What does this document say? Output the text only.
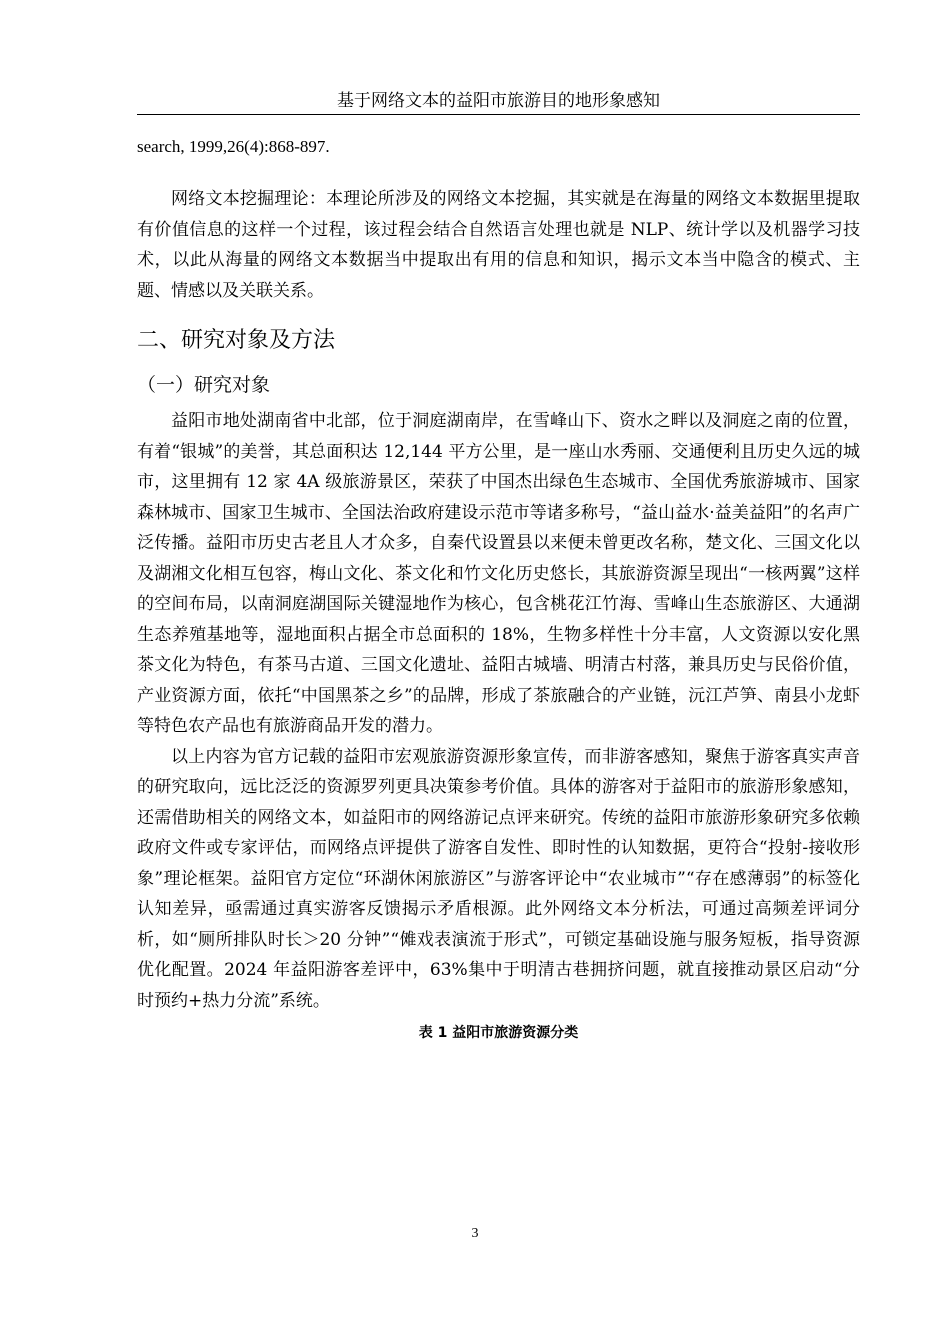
基于网络文本的益阳市旅游目的地形象感知

search, 1999,26(4):868-897.

网络文本挖掘理论：本理论所涉及的网络文本挖掘，其实就是在海量的网络文本数据里提取有价值信息的这样一个过程，该过程会结合自然语言处理也就是 NLP、统计学以及机器学习技术，以此从海量的网络文本数据当中提取出有用的信息和知识，揭示文本当中隐含的模式、主题、情感以及关联关系。

二、研究对象及方法
（一）研究对象

益阳市地处湖南省中北部，位于洞庭湖南岸，在雪峰山下、资水之畔以及洞庭之南的位置，有着“银城”的美誉，其总面积达 12,144 平方公里，是一座山水秀丽、交通便利且历史久远的城市，这里拥有 12 家 4A 级旅游景区，荣获了中国杰出绿色生态城市、全国优秀旅游城市、国家森林城市、国家卫生城市、全国法治政府建设示范市等诸多称号，“益山益水·益美益阳”的名声广泛传播。益阳市历史古老且人才众多，自秦代设置县以来便未曾更改名称，楚文化、三国文化以及湖湘文化相互包容，梅山文化、茶文化和竹文化历史悠长，其旅游资源呈现出“一核两翼”这样的空间布局，以南洞庭湖国际关键湿地作为核心，包含桃花江竹海、雪峰山生态旅游区、大通湖生态养殖基地等，湿地面积占据全市总面积的 18%，生物多样性十分丰富，人文资源以安化黑茶文化为特色，有茶马古道、三国文化遗址、益阳古城墙、明清古村落，兼具历史与民俗价值，产业资源方面，依托“中国黑茶之乡”的品牌，形成了茶旅融合的产业链，沅江芦笋、南县小龙虾等特色农产品也有旅游商品开发的潜力。

以上内容为官方记载的益阳市宏观旅游资源形象宣传，而非游客感知，聚焦于游客真实声音的研究取向，远比泛泛的资源罗列更具决策参考价值。具体的游客对于益阳市的旅游形象感知，还需借助相关的网络文本，如益阳市的网络游记点评来研究。传统的益阳市旅游形象研究多依赖政府文件或专家评估，而网络点评提供了游客自发性、即时性的认知数据，更符合“投射-接收形象”理论框架。益阳官方定位“环湖休闲旅游区”与游客评论中“农业城市”“存在感薄弱”的标签化认知差异，亟需通过真实游客反馈揭示矛盾根源。此外网络文本分析法，可通过高频差评词分析，如“厕所排队时长＞20 分钟”“傩戏表演流于形式”，可锁定基础设施与服务短板，指导资源优化配置。2024 年益阳游客差评中，63%集中于明清古巷拥挤问题，就直接推动景区启动“分时预约+热力分流”系统。

表 1 益阳市旅游资源分类
3
